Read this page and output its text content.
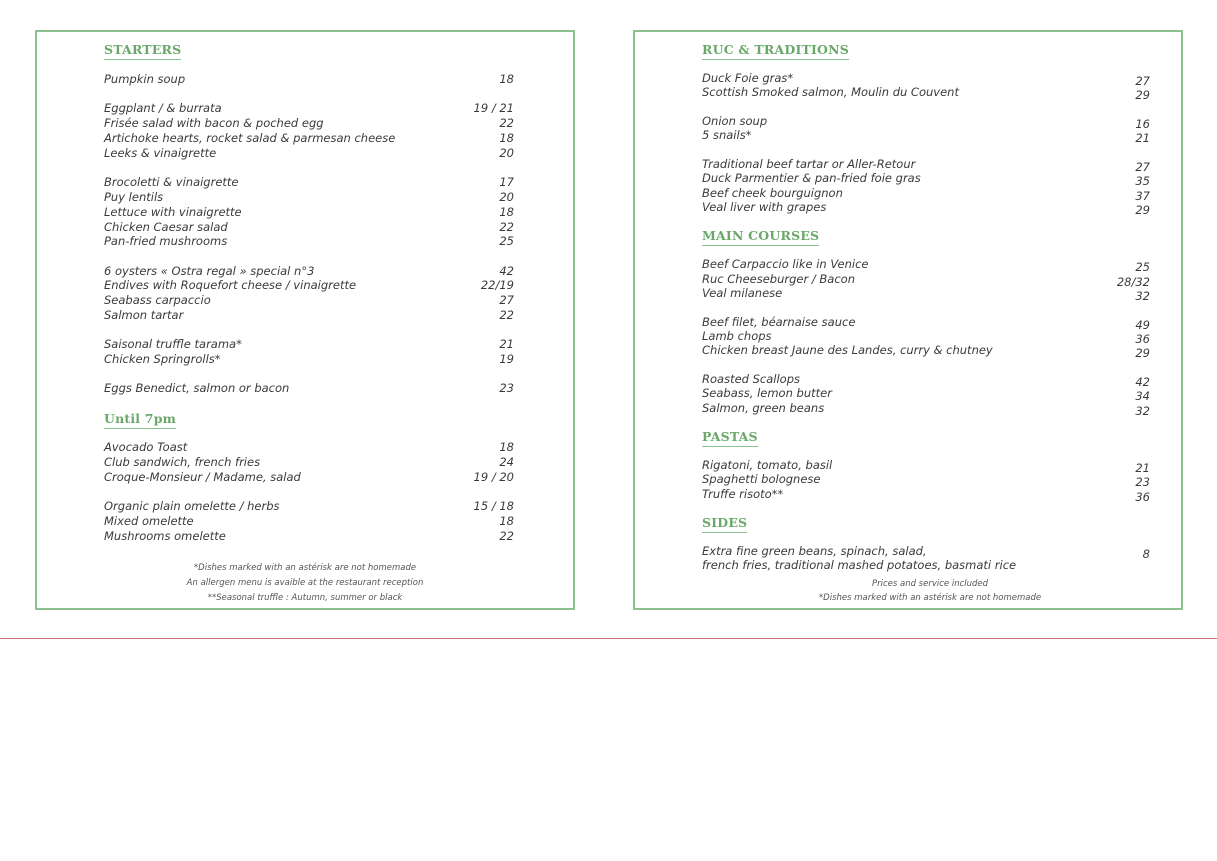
STARTERS
Pumpkin soup	18
Eggplant / & burrata	19 / 21
Frisée salad with bacon & poched egg	22
Artichoke hearts, rocket salad & parmesan cheese	18
Leeks & vinaigrette	20
Brocoletti & vinaigrette	17
Puy lentils	20
Lettuce with vinaigrette	18
Chicken Caesar salad	22
Pan-fried mushrooms	25
6 oysters « Ostra regal » special n°3	42
Endives with Roquefort cheese / vinaigrette	22/19
Seabass carpaccio	27
Salmon tartar	22
Saisonal truffle tarama*	21
Chicken Springrolls*	19
Eggs Benedict, salmon or bacon	23
Until 7pm
Avocado Toast	18
Club sandwich, french fries	24
Croque-Monsieur / Madame, salad	19 / 20
Organic plain omelette / herbs	15 / 18
Mixed omelette	18
Mushrooms omelette	22
*Dishes marked with an astérisk are not homemade
An allergen menu is avaible at the restaurant reception
**Seasonal truffle : Autumn, summer or black
RUC & TRADITIONS
Duck Foie gras*	27
Scottish Smoked salmon, Moulin du Couvent	29
Onion soup	16
5 snails*	21
Traditional beef tartar or Aller-Retour	27
Duck Parmentier & pan-fried foie gras	35
Beef cheek bourguignon	37
Veal liver with grapes	29
MAIN COURSES
Beef Carpaccio like in Venice	25
Ruc Cheeseburger / Bacon	28/32
Veal milanese	32
Beef filet, béarnaise sauce	49
Lamb chops	36
Chicken breast Jaune des Landes, curry & chutney	29
Roasted Scallops	42
Seabass, lemon butter	34
Salmon, green beans	32
PASTAS
Rigatoni, tomato, basil	21
Spaghetti bolognese	23
Truffe risoto**	36
SIDES
Extra fine green beans, spinach, salad,	8
french fries, traditional mashed potatoes, basmati rice
Prices and service included
*Dishes marked with an astérisk are not homemade
